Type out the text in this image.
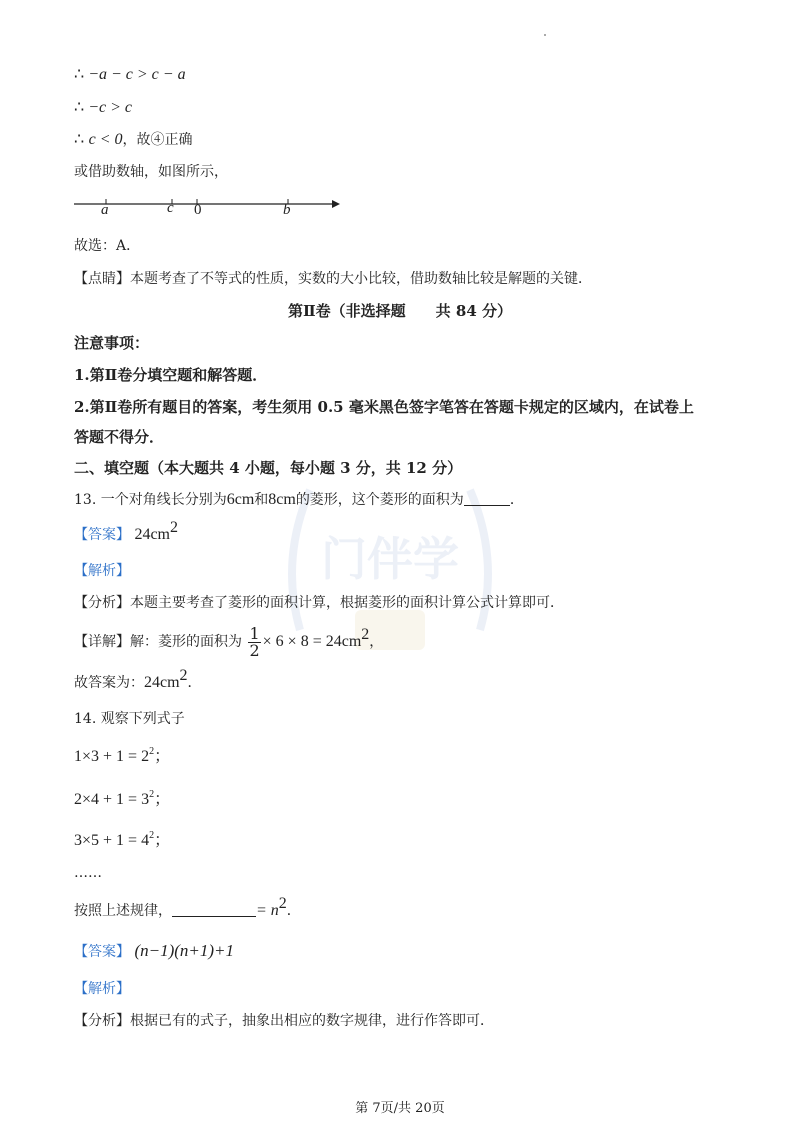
门伴学
∴ −a − c > c − a
∴ −c > c
∴ c < 0，故④正确
或借助数轴，如图所示，
a	c 0	b
故选：A．
【点睛】本题考查了不等式的性质，实数的大小比较，借助数轴比较是解题的关键．
第Ⅱ卷（非选择题　　共 84 分）
注意事项：
1.第Ⅱ卷分填空题和解答题．
2.第Ⅱ卷所有题目的答案，考生须用 0.5 毫米黑色签字笔答在答题卡规定的区域内，在试卷上
答题不得分．
二、填空题（本大题共 4 小题，每小题 3 分，共 12 分）
13. 一个对角线长分别为6cm和8cm的菱形，这个菱形的面积为	．
【答案】 $24cm^2$
【解析】
【分析】本题主要考查了菱形的面积计算，根据菱形的面积计算公式计算即可．
【详解】解：菱形的面积为 $\frac{1}{2} \times 6 \times 8 = 24cm^2$，
故答案为：$24cm^2$．
14. 观察下列式子
$1\times 3 + 1 = 2^2$；
$2\times 4 + 1 = 3^2$；
$3\times 5 + 1 = 4^2$；
……
按照上述规律，	= $n^2$．
【答案】 (n−1)(n+1)+1
【解析】
【分析】根据已有的式子，抽象出相应的数字规律，进行作答即可．
第 7页/共 20页
